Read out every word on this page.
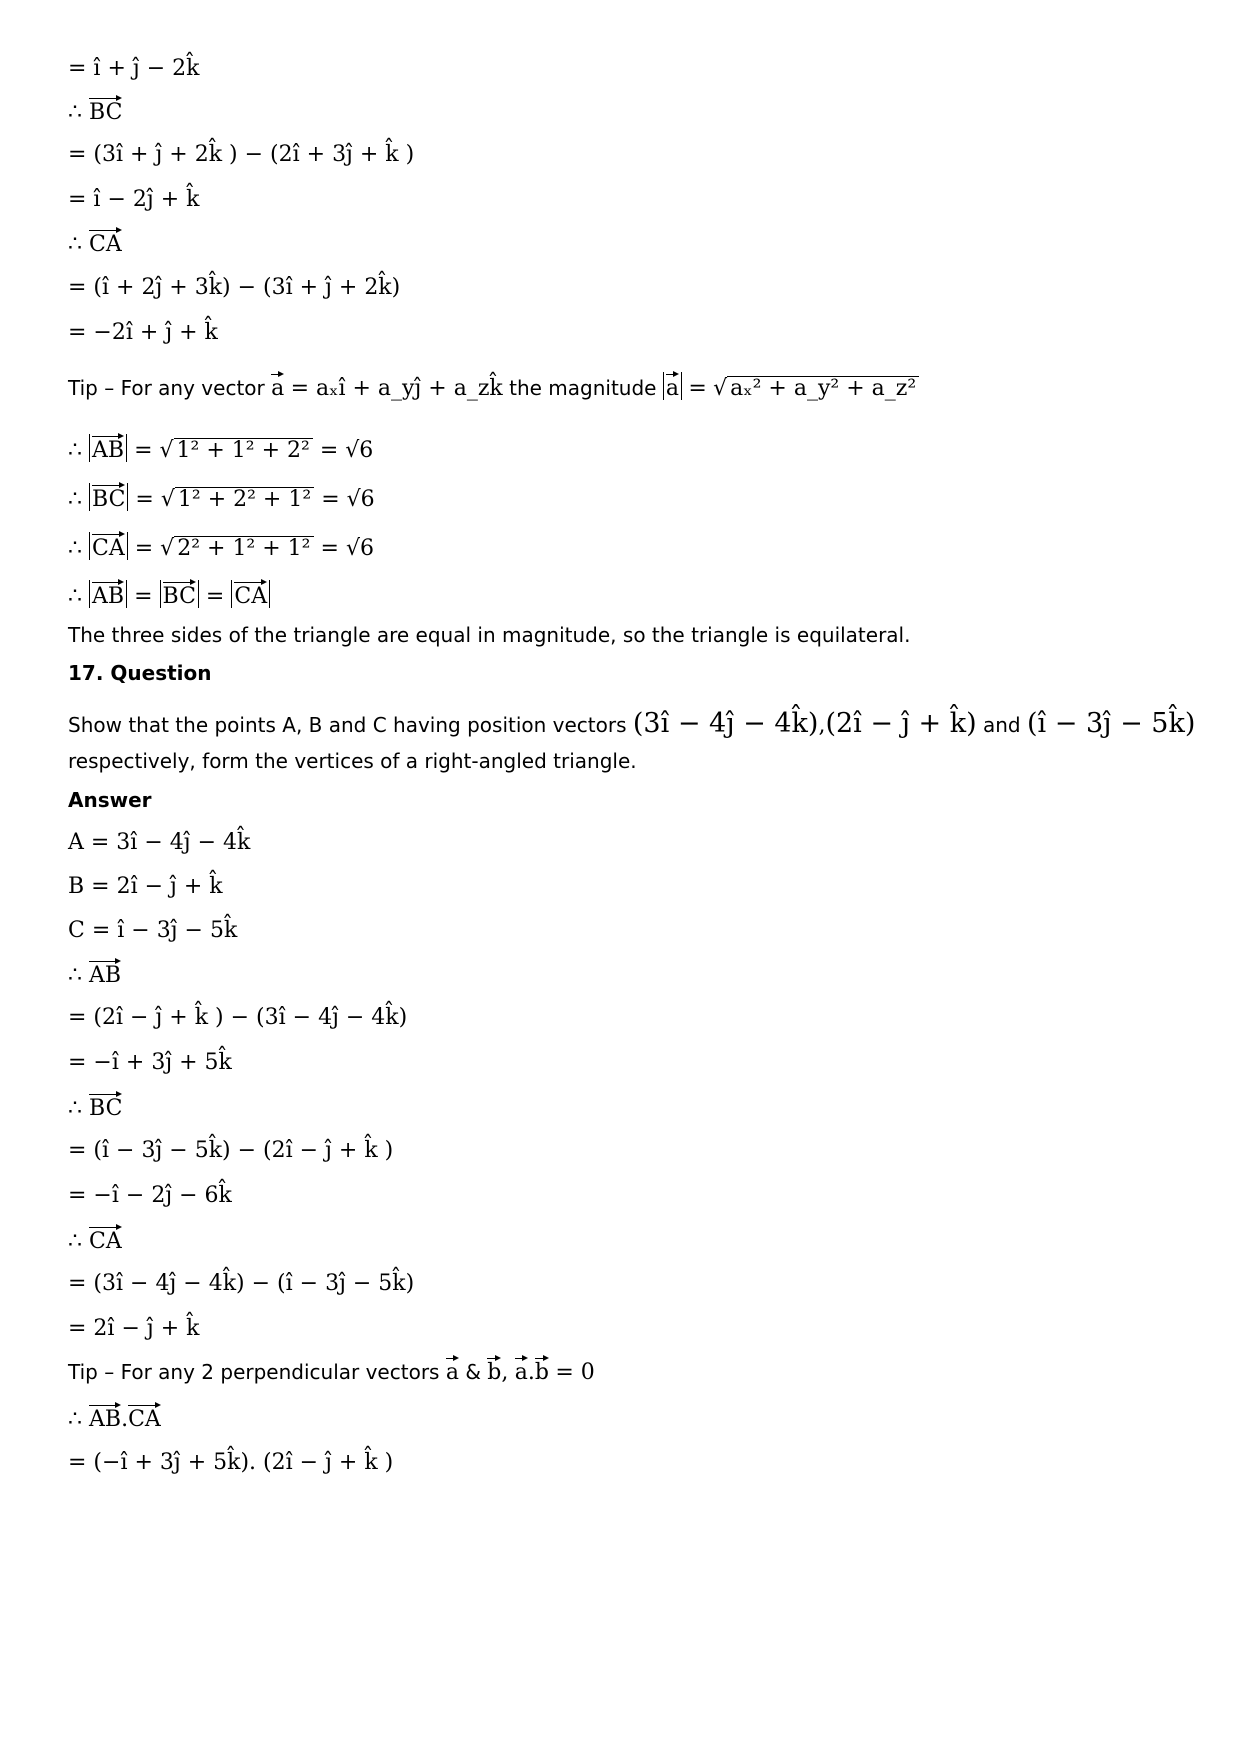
= î + ĵ − 2k̂
∴ BC
= (3î + ĵ + 2k̂ ) − (2î + 3ĵ + k̂ )
= î − 2ĵ + k̂
∴ CA
= (î + 2ĵ + 3k̂) − (3î + ĵ + 2k̂)
= −2î + ĵ + k̂
Tip – For any vector a = aₓî + a_yĵ + a_zk̂ the magnitude a = √ aₓ² + a_y² + a_z²
∴ AB = √ 1² + 1² + 2² = √6
∴ BC = √ 1² + 2² + 1² = √6
∴ CA = √ 2² + 1² + 1² = √6
∴ AB = BC = CA
The three sides of the triangle are equal in magnitude, so the triangle is equilateral.
17. Question
Show that the points A, B and C having position vectors (3î − 4ĵ − 4k̂),(2î − ĵ + k̂) and (î − 3ĵ − 5k̂)
respectively, form the vertices of a right-angled triangle.
Answer
A = 3î − 4ĵ − 4k̂
B = 2î − ĵ + k̂
C = î − 3ĵ − 5k̂
∴ AB
= (2î − ĵ + k̂ ) − (3î − 4ĵ − 4k̂)
= −î + 3ĵ + 5k̂
∴ BC
= (î − 3ĵ − 5k̂) − (2î − ĵ + k̂ )
= −î − 2ĵ − 6k̂
∴ CA
= (3î − 4ĵ − 4k̂) − (î − 3ĵ − 5k̂)
= 2î − ĵ + k̂
Tip – For any 2 perpendicular vectors a & b, a.b = 0
∴ AB.CA
= (−î + 3ĵ + 5k̂). (2î − ĵ + k̂ )
